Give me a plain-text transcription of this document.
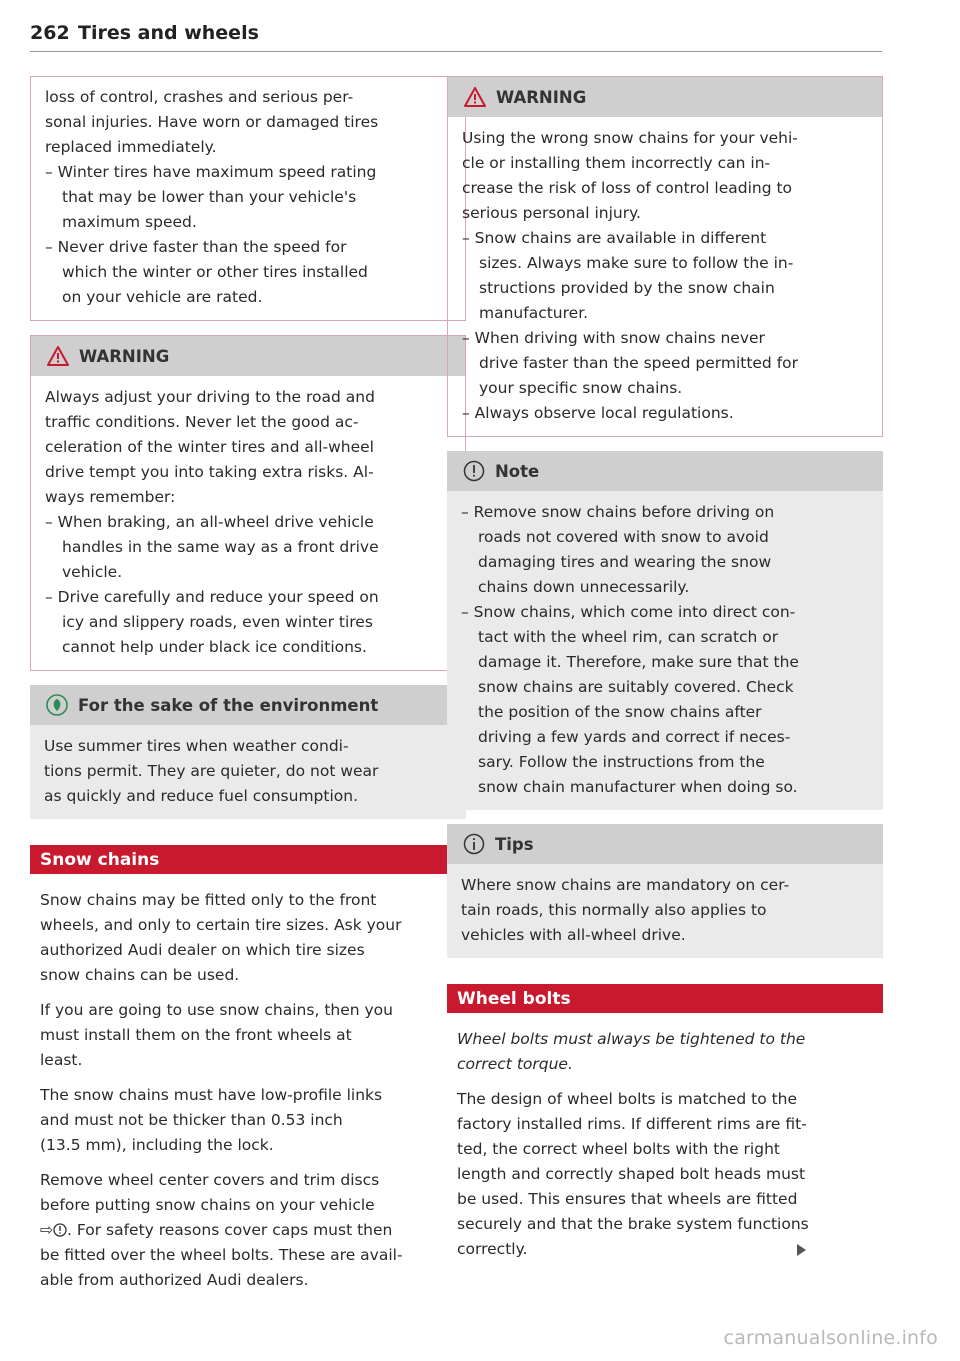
262 Tires and wheels

loss of control, crashes and serious per-

sonal injuries. Have worn or damaged tires

replaced immediately.

– Winter tires have maximum speed rating

that may be lower than your vehicle's

maximum speed.

– Never drive faster than the speed for

which the winter or other tires installed

on your vehicle are rated.

WARNING

Always adjust your driving to the road and

traffic conditions. Never let the good ac-

celeration of the winter tires and all-wheel

drive tempt you into taking extra risks. Al-

ways remember:

– When braking, an all-wheel drive vehicle

handles in the same way as a front drive

vehicle.

– Drive carefully and reduce your speed on

icy and slippery roads, even winter tires

cannot help under black ice conditions.

For the sake of the environment

Use summer tires when weather condi-

tions permit. They are quieter, do not wear

as quickly and reduce fuel consumption.

Snow chains

Snow chains may be fitted only to the front

wheels, and only to certain tire sizes. Ask your

authorized Audi dealer on which tire sizes

snow chains can be used.

If you are going to use snow chains, then you

must install them on the front wheels at

least.

The snow chains must have low-profile links

and must not be thicker than 0.53 inch

(13.5 mm), including the lock.

Remove wheel center covers and trim discs

before putting snow chains on your vehicle

⇨ . For safety reasons cover caps must then

be fitted over the wheel bolts. These are avail-

able from authorized Audi dealers.

WARNING

Using the wrong snow chains for your vehi-

cle or installing them incorrectly can in-

crease the risk of loss of control leading to

serious personal injury.

– Snow chains are available in different

sizes. Always make sure to follow the in-

structions provided by the snow chain

manufacturer.

– When driving with snow chains never

drive faster than the speed permitted for

your specific snow chains.

– Always observe local regulations.

Note

– Remove snow chains before driving on

roads not covered with snow to avoid

damaging tires and wearing the snow

chains down unnecessarily.

– Snow chains, which come into direct con-

tact with the wheel rim, can scratch or

damage it. Therefore, make sure that the

snow chains are suitably covered. Check

the position of the snow chains after

driving a few yards and correct if neces-

sary. Follow the instructions from the

snow chain manufacturer when doing so.

Tips

Where snow chains are mandatory on cer-

tain roads, this normally also applies to

vehicles with all-wheel drive.

Wheel bolts

Wheel bolts must always be tightened to the

correct torque.

The design of wheel bolts is matched to the

factory installed rims. If different rims are fit-

ted, the correct wheel bolts with the right

length and correctly shaped bolt heads must

be used. This ensures that wheels are fitted

securely and that the brake system functions

correctly.

carmanualsonline.info
